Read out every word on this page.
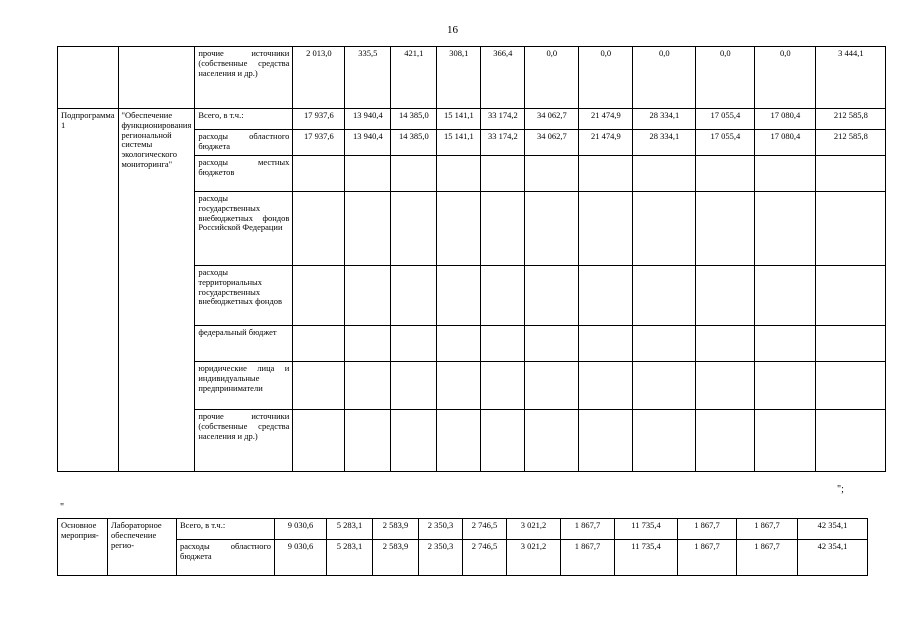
16
		прочие источники (собственные средства населения и др.)	2 013,0	335,5	421,1	308,1	366,4	0,0	0,0	0,0	0,0	0,0	3 444,1
Подпрограмма 1	"Обеспечение функционирования региональной системы экологического мониторинга"	Всего, в т.ч.:	17 937,6	13 940,4	14 385,0	15 141,1	33 174,2	34 062,7	21 474,9	28 334,1	17 055,4	17 080,4	212 585,8
		расходы областного бюджета	17 937,6	13 940,4	14 385,0	15 141,1	33 174,2	34 062,7	21 474,9	28 334,1	17 055,4	17 080,4	212 585,8
		расходы местных бюджетов											
		расходы государственных внебюджетных фондов Российской Федерации											
		расходы территориальных государственных внебюджетных фондов											
		федеральный бюджет											
		юридические лица и индивидуальные предприниматели											
		прочие источники (собственные средства населения и др.)											
";
"
Основное мероприя-	Лабораторное обеспечение регио-	Всего, в т.ч.:	9 030,6	5 283,1	2 583,9	2 350,3	2 746,5	3 021,2	1 867,7	11 735,4	1 867,7	1 867,7	42 354,1
		расходы областного бюджета	9 030,6	5 283,1	2 583,9	2 350,3	2 746,5	3 021,2	1 867,7	11 735,4	1 867,7	1 867,7	42 354,1
